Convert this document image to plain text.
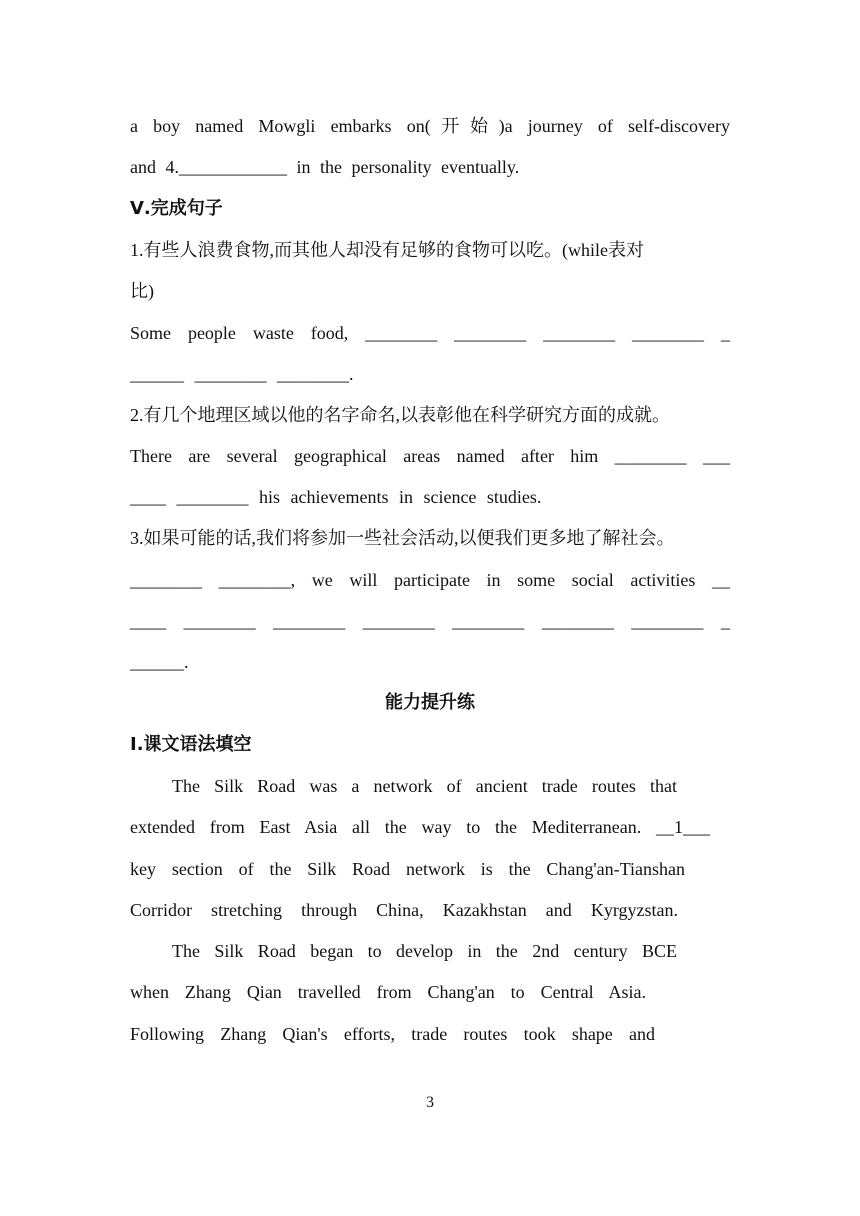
a boy named Mowgli embarks on(开始)a journey of self-discovery
and 4.____________ in the personality eventually.
Ⅴ.完成句子
1.有些人浪费食物,而其他人却没有足够的食物可以吃。(while表对
比)
Some people waste food, ________ ________ ________ ________ _
______ ________ ________.
2.有几个地理区域以他的名字命名,以表彰他在科学研究方面的成就。
There are several geographical areas named after him ________ ___
____ ________ his achievements in science studies.
3.如果可能的话,我们将参加一些社会活动,以便我们更多地了解社会。
________ ________, we will participate in some social activities __
____ ________ ________ ________ ________ ________ ________ _
______.
能力提升练
Ⅰ.课文语法填空
The Silk Road was a network of ancient trade routes that
extended from East Asia all the way to the Mediterranean. __1___
key section of the Silk Road network is the Chang'an-Tianshan
Corridor stretching through China, Kazakhstan and Kyrgyzstan.
The Silk Road began to develop in the 2nd century BCE
when Zhang Qian travelled from Chang'an to Central Asia.
Following Zhang Qian's efforts, trade routes took shape and
3
